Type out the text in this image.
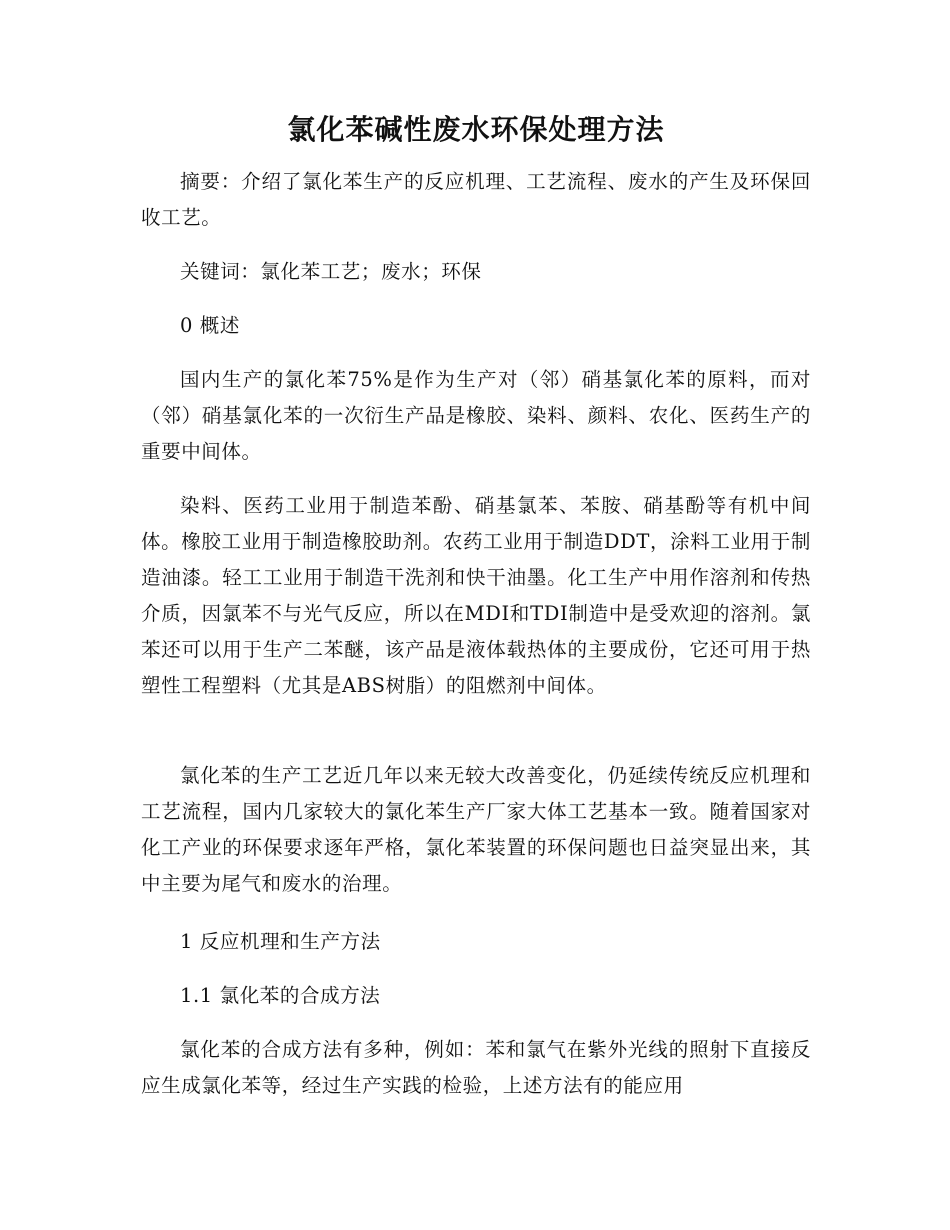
氯化苯碱性废水环保处理方法

摘要：介绍了氯化苯生产的反应机理、工艺流程、废水的产生及环保回收工艺。

关键词：氯化苯工艺；废水；环保

0 概述

国内生产的氯化苯75%是作为生产对（邻）硝基氯化苯的原料，而对（邻）硝基氯化苯的一次衍生产品是橡胶、染料、颜料、农化、医药生产的重要中间体。

染料、医药工业用于制造苯酚、硝基氯苯、苯胺、硝基酚等有机中间体。橡胶工业用于制造橡胶助剂。农药工业用于制造DDT，涂料工业用于制造油漆。轻工工业用于制造干洗剂和快干油墨。化工生产中用作溶剂和传热介质，因氯苯不与光气反应，所以在MDI和TDI制造中是受欢迎的溶剂。氯苯还可以用于生产二苯醚，该产品是液体载热体的主要成份，它还可用于热塑性工程塑料（尤其是ABS树脂）的阻燃剂中间体。

氯化苯的生产工艺近几年以来无较大改善变化，仍延续传统反应机理和工艺流程，国内几家较大的氯化苯生产厂家大体工艺基本一致。随着国家对化工产业的环保要求逐年严格，氯化苯装置的环保问题也日益突显出来，其中主要为尾气和废水的治理。

1 反应机理和生产方法

1.1 氯化苯的合成方法

氯化苯的合成方法有多种，例如：苯和氯气在紫外光线的照射下直接反应生成氯化苯等，经过生产实践的检验，上述方法有的能应用
